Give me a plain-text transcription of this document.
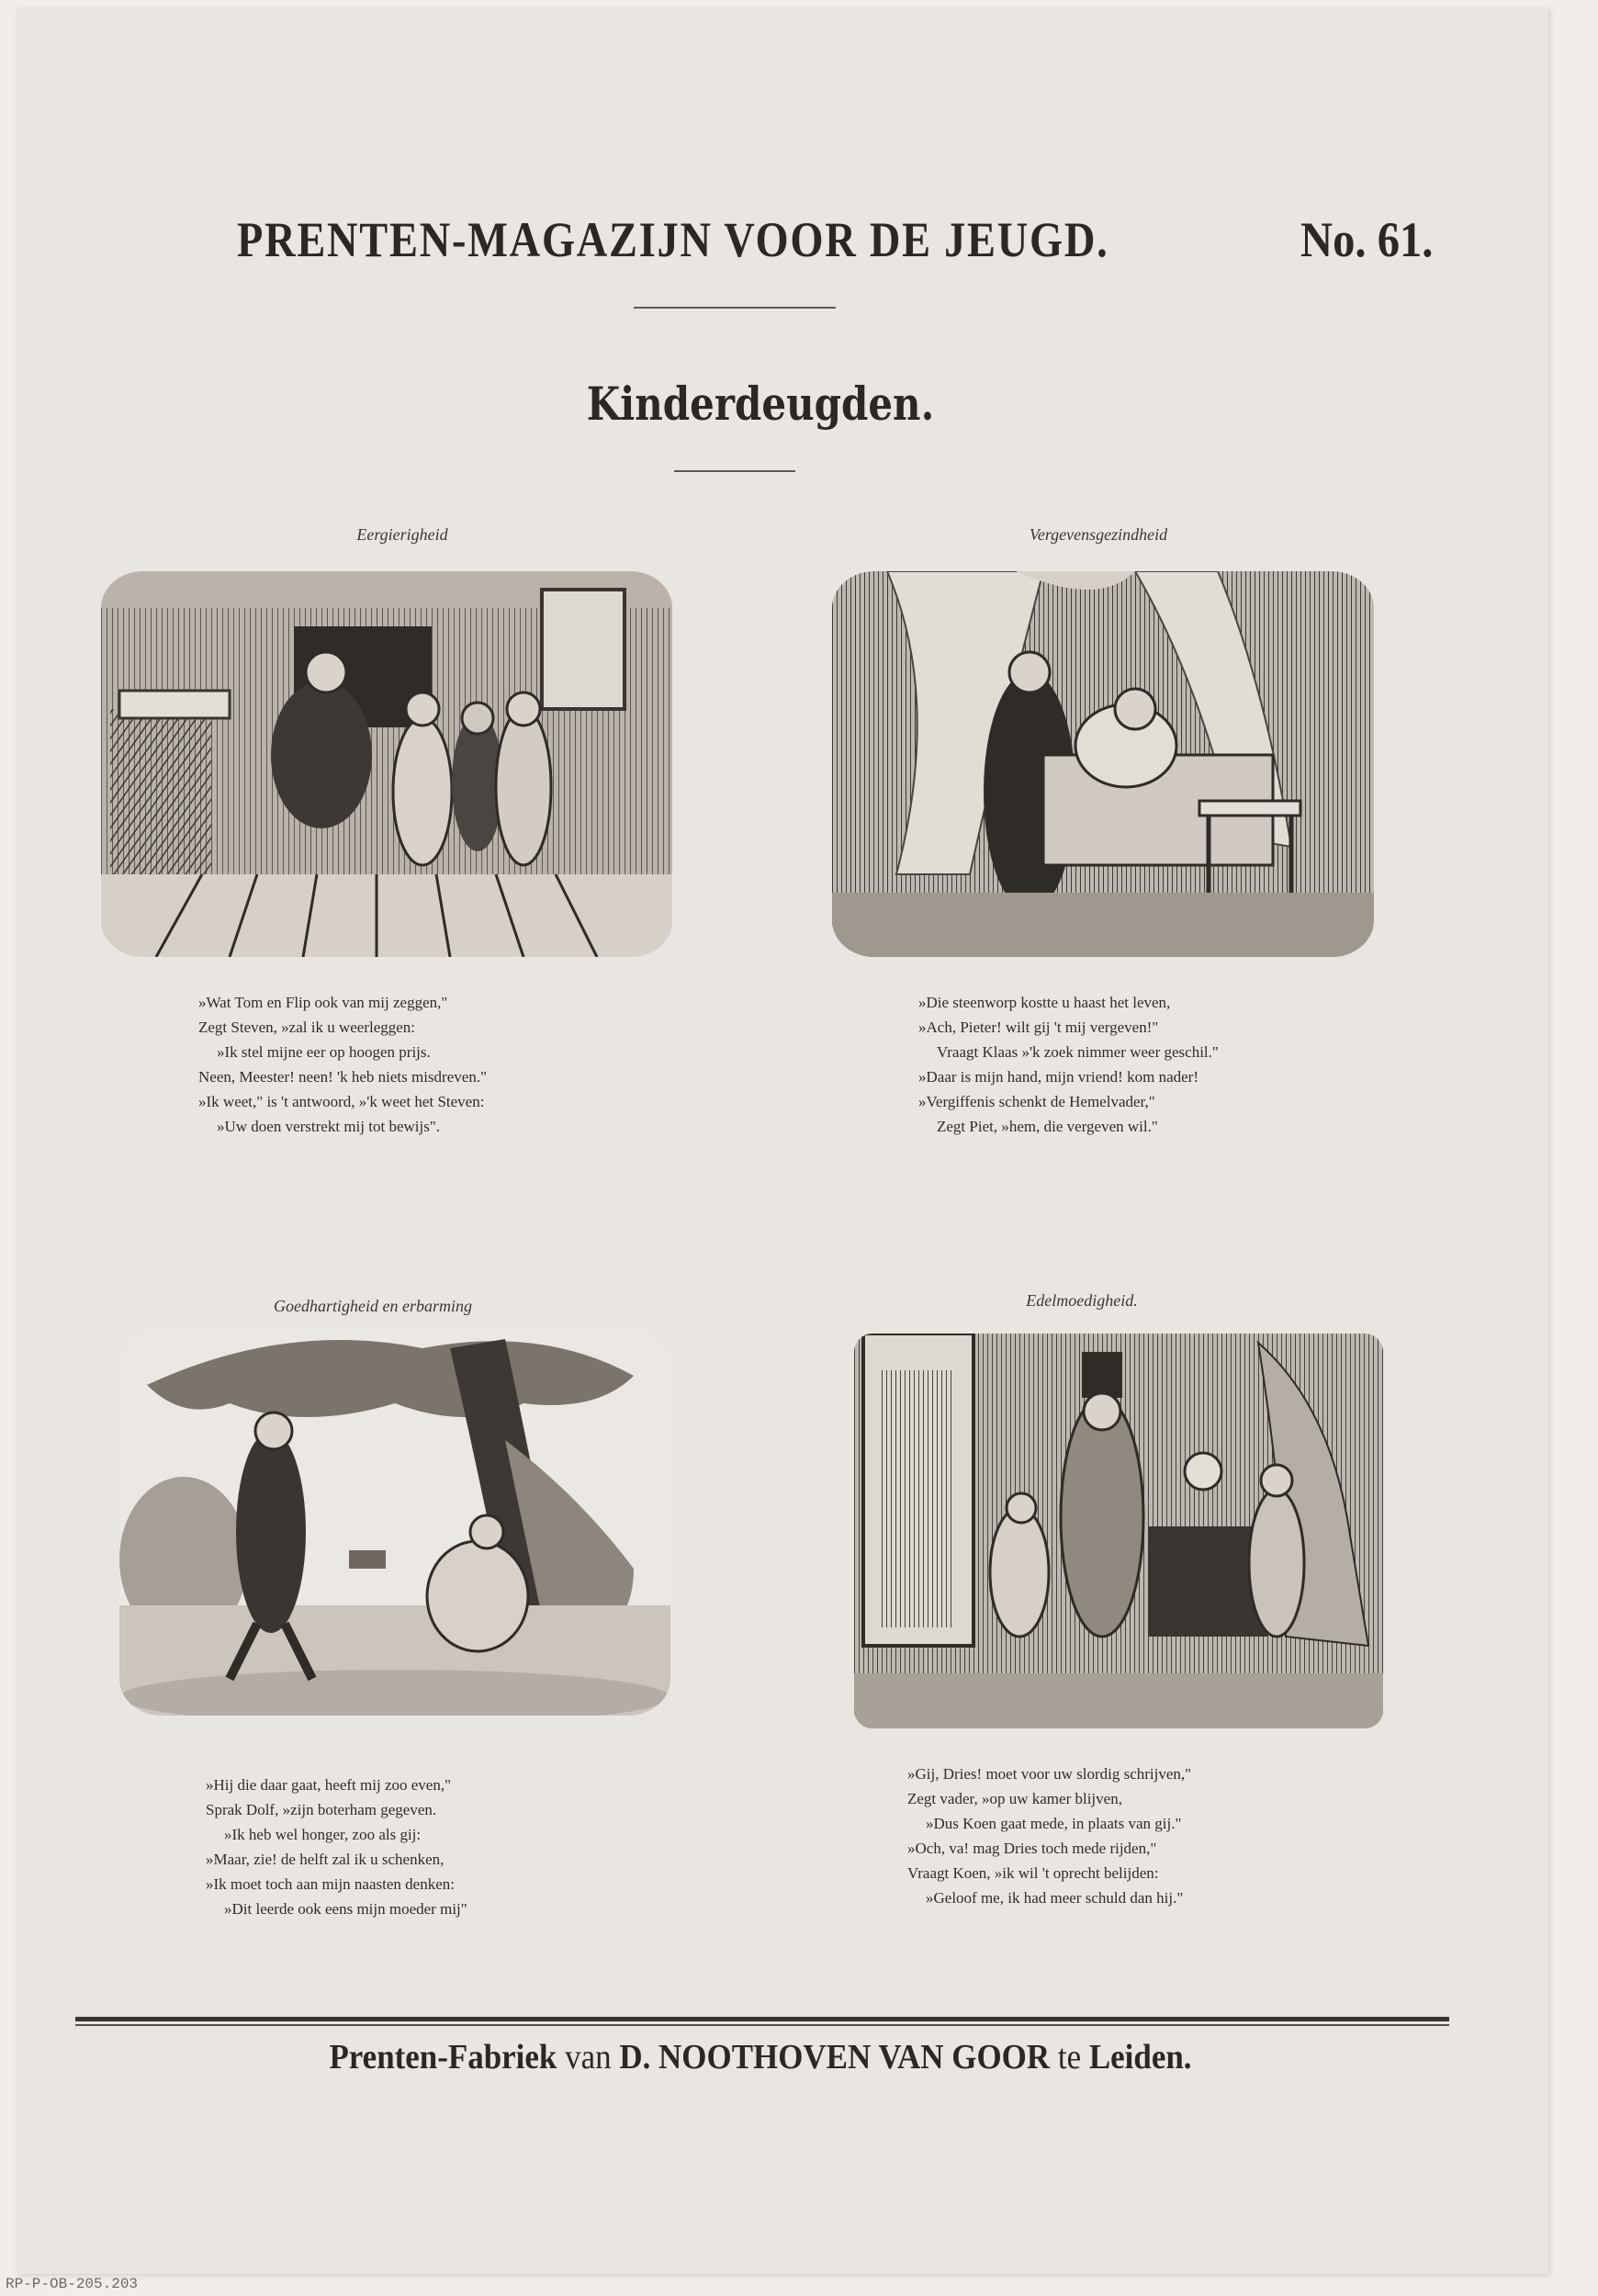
PRENTEN-MAGAZIJN VOOR DE JEUGD.	No. 61.
Kinderdeugden.
Eergierigheid
»Wat Tom en Flip ook van mij zeggen,"
Zegt Steven, »zal ik u weerleggen:
»Ik stel mijne eer op hoogen prijs.
Neen, Meester! neen! 'k heb niets misdreven."
»Ik weet," is 't antwoord, »'k weet het Steven:
»Uw doen verstrekt mij tot bewijs".
Vergevensgezindheid
»Die steenworp kostte u haast het leven,
»Ach, Pieter! wilt gij 't mij vergeven!"
Vraagt Klaas »'k zoek nimmer weer geschil."
»Daar is mijn hand, mijn vriend! kom nader!
»Vergiffenis schenkt de Hemelvader,"
Zegt Piet, »hem, die vergeven wil."
Goedhartigheid en erbarming
»Hij die daar gaat, heeft mij zoo even,"
Sprak Dolf, »zijn boterham gegeven.
»Ik heb wel honger, zoo als gij:
»Maar, zie! de helft zal ik u schenken,
»Ik moet toch aan mijn naasten denken:
»Dit leerde ook eens mijn moeder mij"
Edelmoedigheid.
»Gij, Dries! moet voor uw slordig schrijven,"
Zegt vader, »op uw kamer blijven,
»Dus Koen gaat mede, in plaats van gij."
»Och, va! mag Dries toch mede rijden,"
Vraagt Koen, »ik wil 't oprecht belijden:
»Geloof me, ik had meer schuld dan hij."
Prenten-Fabriek van D. NOOTHOVEN VAN GOOR te Leiden.
RP-P-OB-205.203
